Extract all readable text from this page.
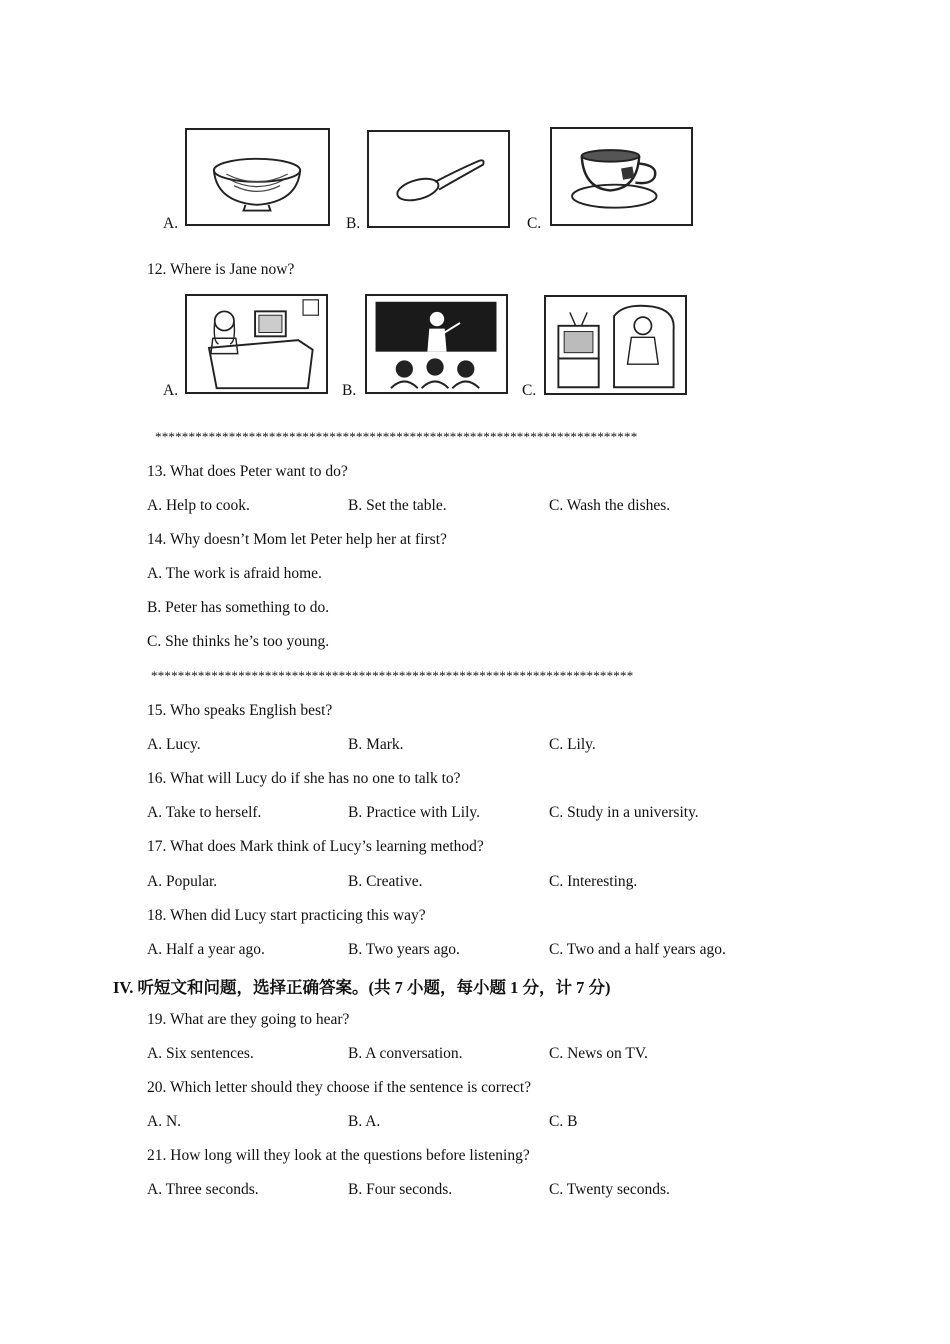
A.	B.	C.
12. Where is Jane now?
A.	B.	C.
************************************************************************
13. What does Peter want to do?
A. Help to cook.	B. Set the table.	C. Wash the dishes.
14. Why doesn’t Mom let Peter help her at first?
A. The work is afraid home.
B. Peter has something to do.
C. She thinks he’s too young.
************************************************************************
15. Who speaks English best?
A. Lucy.	B. Mark.	C. Lily.
16. What will Lucy do if she has no one to talk to?
A. Take to herself.	B. Practice with Lily.	C. Study in a university.
17. What does Mark think of Lucy’s learning method?
A. Popular.	B. Creative.	C. Interesting.
18. When did Lucy start practicing this way?
A. Half a year ago.	B. Two years ago.	C. Two and a half years ago.
IV. 听短文和问题，选择正确答案。(共 7 小题，每小题 1 分，计 7 分)
19. What are they going to hear?
A. Six sentences.	B. A conversation.	C. News on TV.
20. Which letter should they choose if the sentence is correct?
A. N.	B. A.	C. B
21. How long will they look at the questions before listening?
A. Three seconds.	B. Four seconds.	C. Twenty seconds.
